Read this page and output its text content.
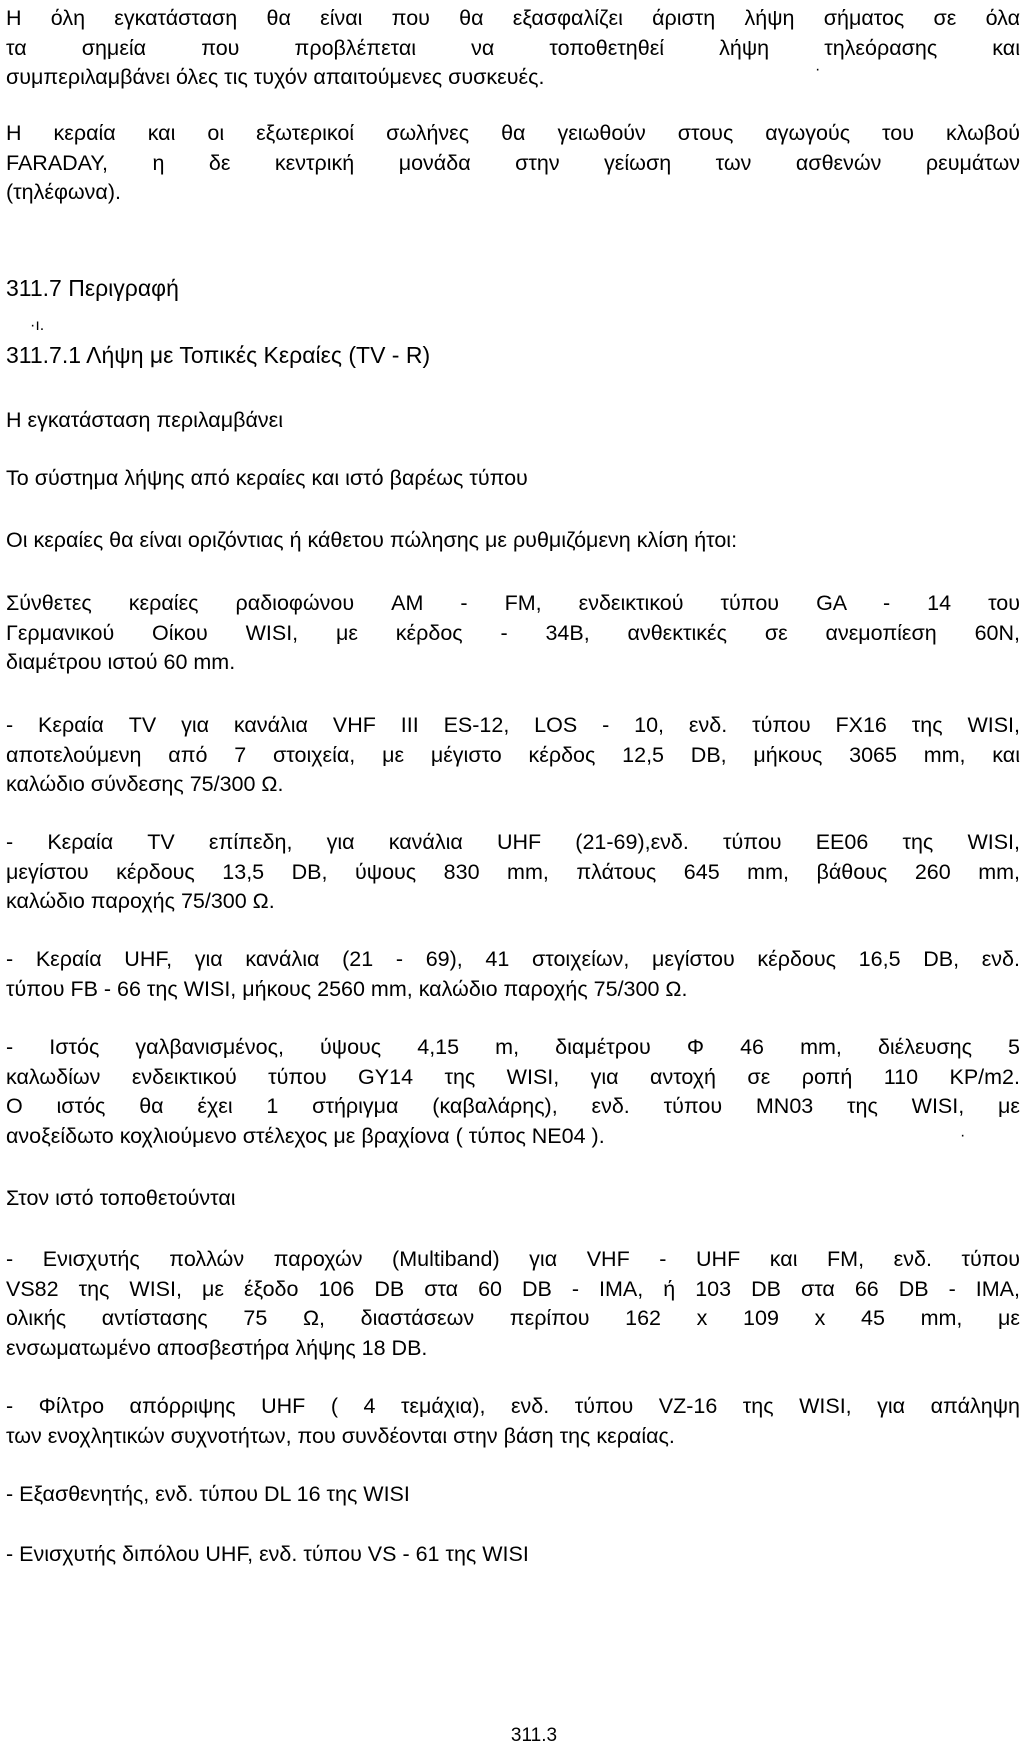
Η όλη εγκατάσταση θα είναι που θα εξασφαλίζει άριστη λήψη σήματος σε όλα
τα σημεία που προβλέπεται να τοποθετηθεί λήψη τηλεόρασης και
συμπεριλαμβάνει όλες τις τυχόν απαιτούμενες συσκευές.	·
Η κεραία και οι εξωτερικοί σωλήνες θα γειωθούν στους αγωγούς του κλωβού
FARADAY, η δε κεντρική μονάδα στην γείωση των ασθενών ρευμάτων
(τηλέφωνα).
311.7 Περιγραφή
·ı.
311.7.1 Λήψη με Τοπικές Κεραίες (TV - R)
Η εγκατάσταση περιλαμβάνει
Το σύστημα λήψης από κεραίες και ιστό βαρέως τύπου
Οι κεραίες θα είναι οριζόντιας ή κάθετου πώλησης με ρυθμιζόμενη κλίση ήτοι:
Σύνθετες κεραίες ραδιοφώνου AM - FM, ενδεικτικού τύπου GA - 14 του
Γερμανικού Οίκου WISI, με κέρδος - 34B, ανθεκτικές σε ανεμοπίεση 60N,
διαμέτρου ιστού 60 mm.
- Κεραία TV για κανάλια VHF III ES-12, LOS - 10, ενδ. τύπου FX16 της WISI,
αποτελούμενη από 7 στοιχεία, με μέγιστο κέρδος 12,5 DB, μήκους 3065 mm, και
καλώδιο σύνδεσης 75/300 Ω.
- Κεραία TV επίπεδη, για κανάλια UHF (21-69),ενδ. τύπου EE06 της WISI,
μεγίστου κέρδους 13,5 DB, ύψους 830 mm, πλάτους 645 mm, βάθους 260 mm,
καλώδιο παροχής 75/300 Ω.
- Κεραία UHF, για κανάλια (21 - 69), 41 στοιχείων, μεγίστου κέρδους 16,5 DB, ενδ.
τύπου FB - 66 της WISI, μήκους 2560 mm, καλώδιο παροχής 75/300 Ω.
- Ιστός γαλβανισμένος, ύψους 4,15 m, διαμέτρου Φ 46 mm, διέλευσης 5
καλωδίων ενδεικτικού τύπου GY14 της WISI, για αντοχή σε ροπή 110 KP/m2.
Ο ιστός θα έχει 1 στήριγμα (καβαλάρης), ενδ. τύπου MN03 της WISI, με
ανοξείδωτο κοχλιούμενο στέλεχος με βραχίονα ( τύπος NE04 ).	·
Στον ιστό τοποθετούνται
- Ενισχυτής πολλών παροχών (Multiband) για VHF - UHF και FM, ενδ. τύπου
VS82 της WISI, με έξοδο 106 DB στα 60 DB - IMA, ή 103 DB στα 66 DB - IMA,
ολικής αντίστασης 75 Ω, διαστάσεων περίπου 162 x 109 x 45 mm, με
ενσωματωμένο αποσβεστήρα λήψης 18 DB.
- Φίλτρο απόρριψης UHF ( 4 τεμάχια), ενδ. τύπου VZ-16 της WISI, για απάληψη
των ενοχλητικών συχνοτήτων, που συνδέονται στην βάση της κεραίας.
- Εξασθενητής, ενδ. τύπου DL 16 της WISI
- Ενισχυτής διπόλου UHF, ενδ. τύπου VS - 61 της WISI
311.3
